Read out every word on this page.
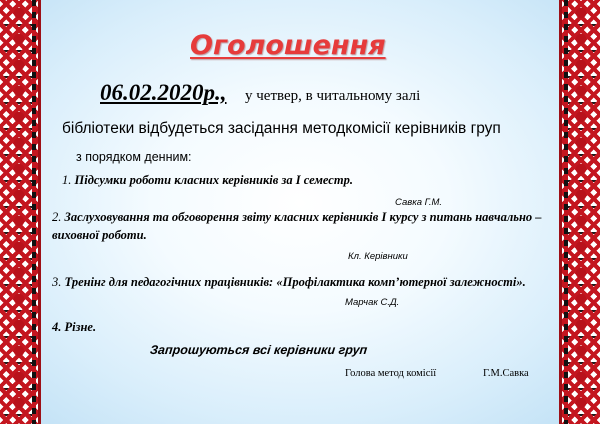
Оголошення

06.02.2020р., у четвер, в читальному залі

бібліотеки відбудеться засідання методкомісії керівників груп

з порядком денним:

1. Підсумки роботи класних керівників за І семестр.

Савка Г.М.

2. Заслуховування та обговорення звіту класних керівників І курсу з питань навчально –

виховної роботи.

Кл. Керівники

3. Тренінг для педагогічних працівників: «Профілактика комп’ютерної залежності».

Марчак С.Д.

4. Різне.

Запрошуються всі керівники груп

Голова метод комісії	Г.М.Савка
